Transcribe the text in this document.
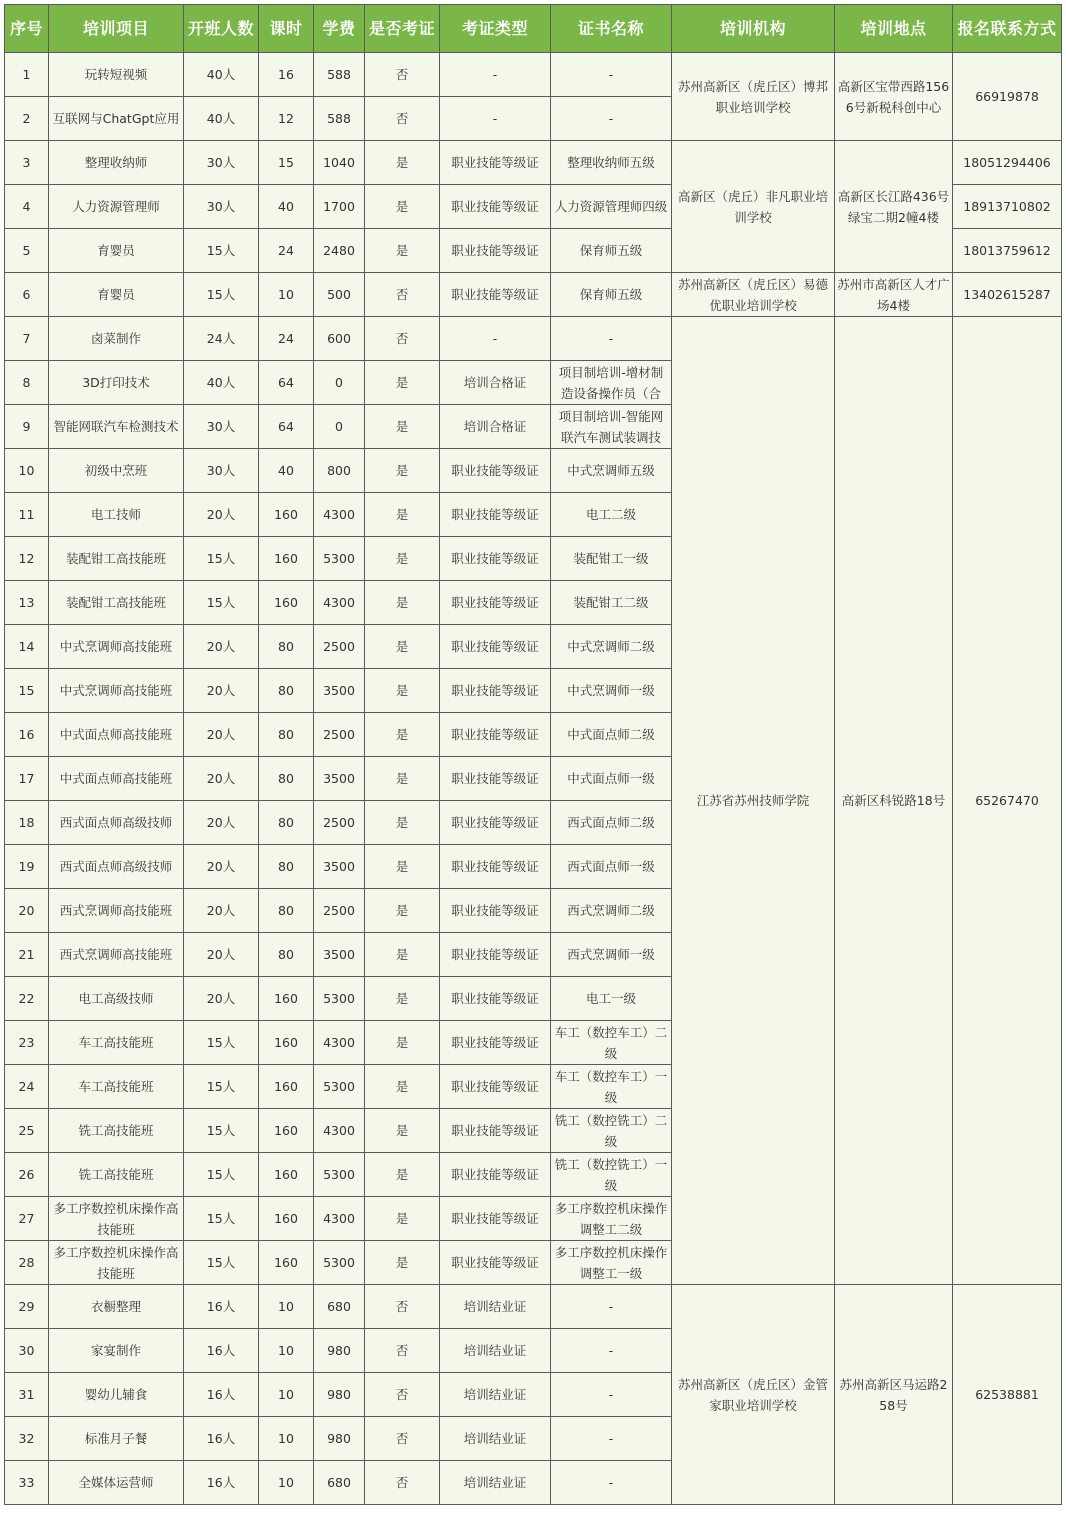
序号	培训项目	开班人数	课时	学费	是否考证	考证类型	证书名称	培训机构	培训地点	报名联系方式
1	玩转短视频	40人	16	588	否	-	-	苏州高新区（虎丘区）博邦职业培训学校	高新区宝带西路1566号新税科创中心	66919878
2	互联网与ChatGpt应用	40人	12	588	否	-	-			
3	整理收纳师	30人	15	1040	是	职业技能等级证	整理收纳师五级	高新区（虎丘）非凡职业培训学校	高新区长江路436号绿宝二期2幢4楼	18051294406
4	人力资源管理师	30人	40	1700	是	职业技能等级证	人力资源管理师四级			18913710802
5	育婴员	15人	24	2480	是	职业技能等级证	保育师五级			18013759612
6	育婴员	15人	10	500	否	职业技能等级证	保育师五级	苏州高新区（虎丘区）易德优职业培训学校	苏州市高新区人才广场4楼	13402615287
7	卤菜制作	24人	24	600	否	-	-	江苏省苏州技师学院	高新区科锐路18号	65267470
8	3D打印技术	40人	64	0	是	培训合格证	项目制培训-增材制造设备操作员（合			
9	智能网联汽车检测技术	30人	64	0	是	培训合格证	项目制培训-智能网联汽车测试装调技			
10	初级中烹班	30人	40	800	是	职业技能等级证	中式烹调师五级			
11	电工技师	20人	160	4300	是	职业技能等级证	电工二级			
12	装配钳工高技能班	15人	160	5300	是	职业技能等级证	装配钳工一级			
13	装配钳工高技能班	15人	160	4300	是	职业技能等级证	装配钳工二级			
14	中式烹调师高技能班	20人	80	2500	是	职业技能等级证	中式烹调师二级			
15	中式烹调师高技能班	20人	80	3500	是	职业技能等级证	中式烹调师一级			
16	中式面点师高技能班	20人	80	2500	是	职业技能等级证	中式面点师二级			
17	中式面点师高技能班	20人	80	3500	是	职业技能等级证	中式面点师一级			
18	西式面点师高级技师	20人	80	2500	是	职业技能等级证	西式面点师二级			
19	西式面点师高级技师	20人	80	3500	是	职业技能等级证	西式面点师一级			
20	西式烹调师高技能班	20人	80	2500	是	职业技能等级证	西式烹调师二级			
21	西式烹调师高技能班	20人	80	3500	是	职业技能等级证	西式烹调师一级			
22	电工高级技师	20人	160	5300	是	职业技能等级证	电工一级			
23	车工高技能班	15人	160	4300	是	职业技能等级证	车工（数控车工）二级			
24	车工高技能班	15人	160	5300	是	职业技能等级证	车工（数控车工）一级			
25	铣工高技能班	15人	160	4300	是	职业技能等级证	铣工（数控铣工）二级			
26	铣工高技能班	15人	160	5300	是	职业技能等级证	铣工（数控铣工）一级			
27	多工序数控机床操作高技能班	15人	160	4300	是	职业技能等级证	多工序数控机床操作调整工二级			
28	多工序数控机床操作高技能班	15人	160	5300	是	职业技能等级证	多工序数控机床操作调整工一级			
29	衣橱整理	16人	10	680	否	培训结业证	-	苏州高新区（虎丘区）金管家职业培训学校	苏州高新区马运路258号	62538881
30	家宴制作	16人	10	980	否	培训结业证	-			
31	婴幼儿辅食	16人	10	980	否	培训结业证	-			
32	标准月子餐	16人	10	980	否	培训结业证	-			
33	全媒体运营师	16人	10	680	否	培训结业证	-			
